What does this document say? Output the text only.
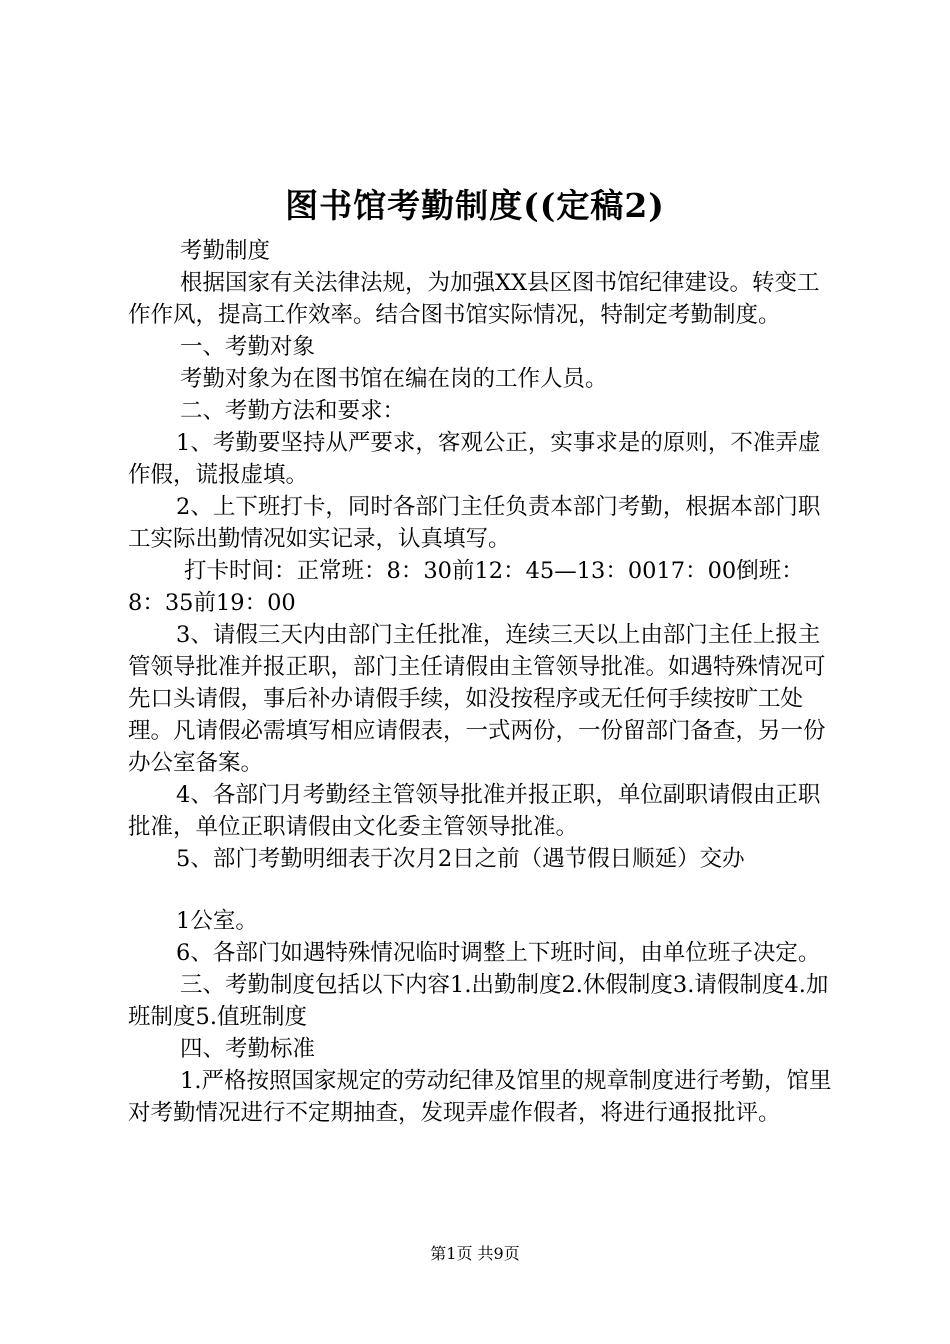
图书馆考勤制度((定稿2)

考勤制度

根据国家有关法律法规，为加强XX县区图书馆纪律建设。转变工作作风，提高工作效率。结合图书馆实际情况，特制定考勤制度。

一、考勤对象

考勤对象为在图书馆在编在岗的工作人员。

二、考勤方法和要求：

1、考勤要坚持从严要求，客观公正，实事求是的原则，不准弄虚作假，谎报虚填。

2、上下班打卡，同时各部门主任负责本部门考勤，根据本部门职工实际出勤情况如实记录，认真填写。

打卡时间：正常班：8：30前12：45—13：0017：00倒班：8：35前19：00

3、请假三天内由部门主任批准，连续三天以上由部门主任上报主管领导批准并报正职，部门主任请假由主管领导批准。如遇特殊情况可先口头请假，事后补办请假手续，如没按程序或无任何手续按旷工处理。凡请假必需填写相应请假表，一式两份，一份留部门备查，另一份办公室备案。

4、各部门月考勤经主管领导批准并报正职，单位副职请假由正职批准，单位正职请假由文化委主管领导批准。

5、部门考勤明细表于次月2日之前（遇节假日顺延）交办

1公室。

6、各部门如遇特殊情况临时调整上下班时间，由单位班子决定。

三、考勤制度包括以下内容1.出勤制度2.休假制度3.请假制度4.加班制度5.值班制度

四、考勤标准

1.严格按照国家规定的劳动纪律及馆里的规章制度进行考勤，馆里对考勤情况进行不定期抽查，发现弄虚作假者，将进行通报批评。

第1页 共9页
